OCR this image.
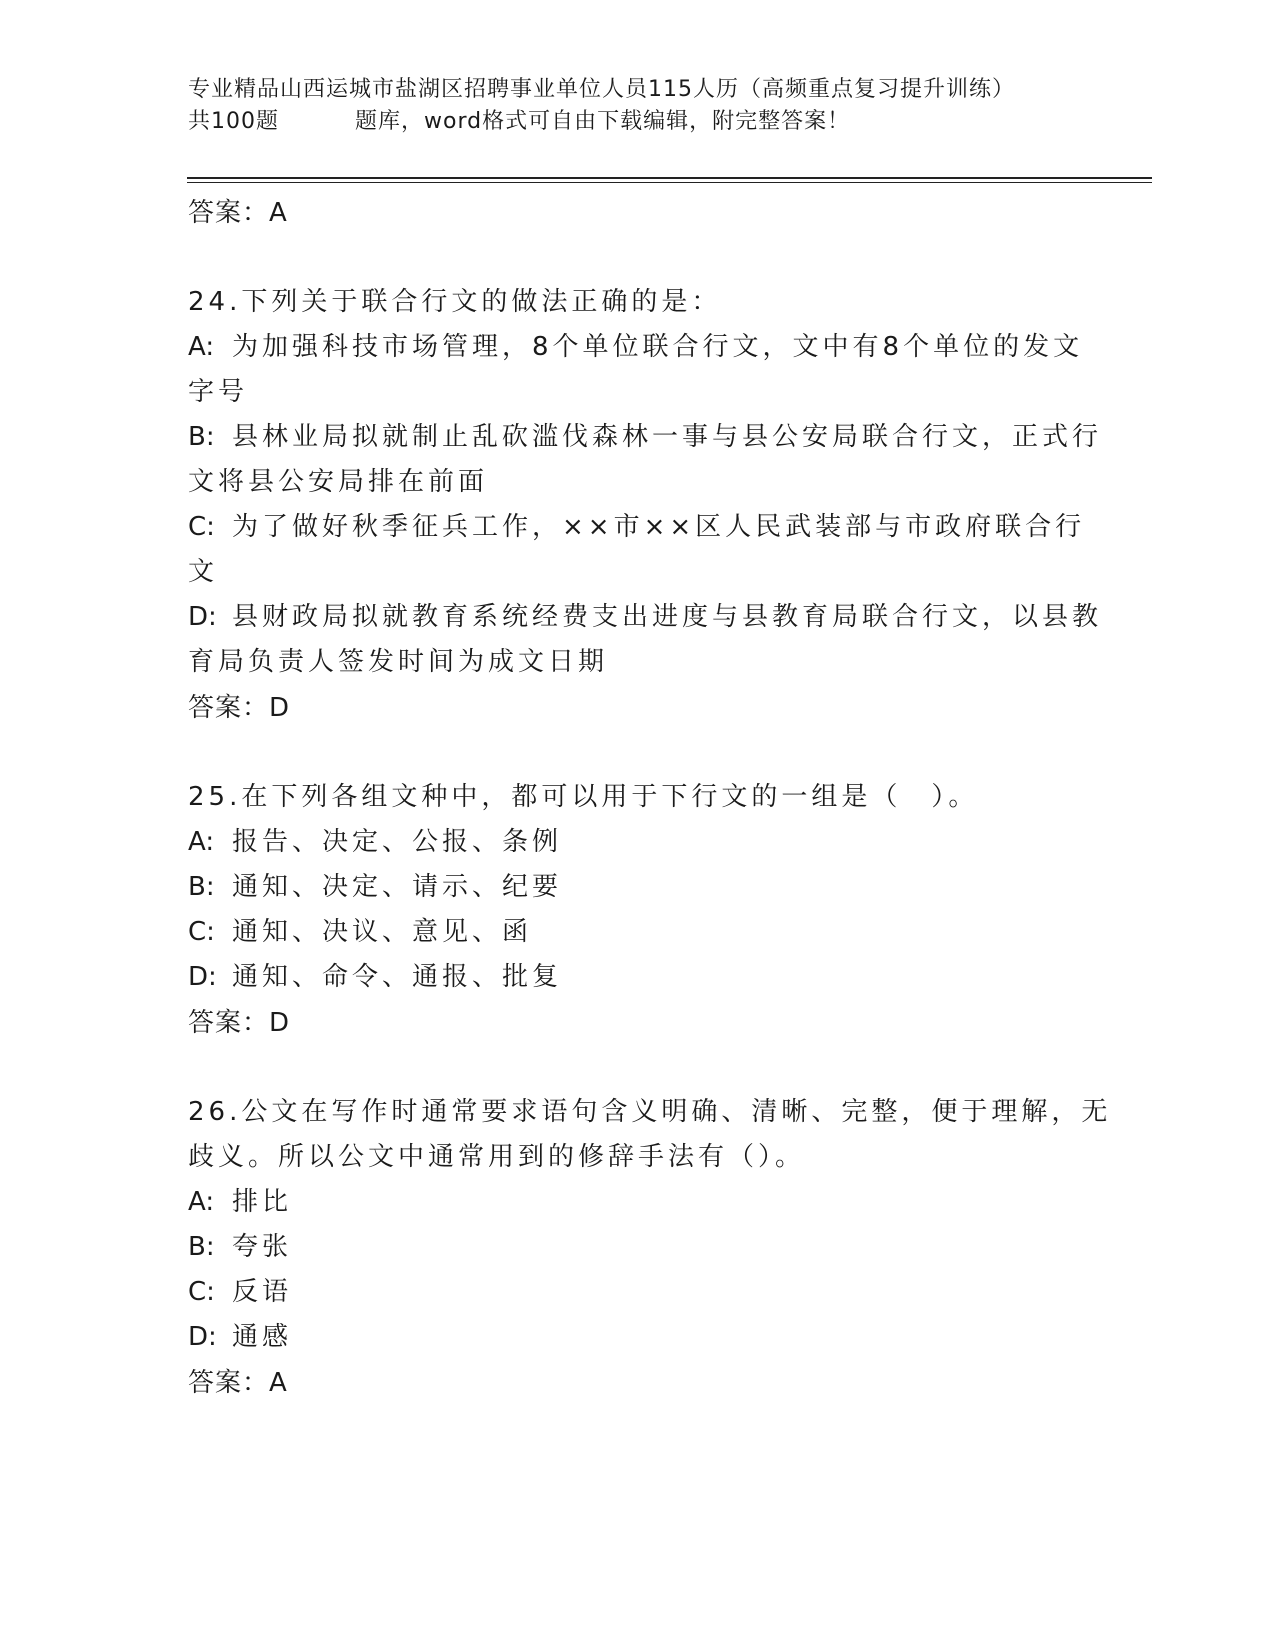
专业精品山西运城市盐湖区招聘事业单位人员115人历（高频重点复习提升训练）
共100题	题库，word格式可自由下载编辑，附完整答案！
答案：A
24.下列关于联合行文的做法正确的是：
A: 为加强科技市场管理，8个单位联合行文，文中有8个单位的发文
字号
B: 县林业局拟就制止乱砍滥伐森林一事与县公安局联合行文，正式行
文将县公安局排在前面
C: 为了做好秋季征兵工作，××市××区人民武装部与市政府联合行
文
D: 县财政局拟就教育系统经费支出进度与县教育局联合行文，以县教
育局负责人签发时间为成文日期
答案：D
25.在下列各组文种中，都可以用于下行文的一组是（　）。
A: 报告、决定、公报、条例
B: 通知、决定、请示、纪要
C: 通知、决议、意见、函
D: 通知、命令、通报、批复
答案：D
26.公文在写作时通常要求语句含义明确、清晰、完整，便于理解，无
歧义。所以公文中通常用到的修辞手法有（）。
A: 排比
B: 夸张
C: 反语
D: 通感
答案：A
